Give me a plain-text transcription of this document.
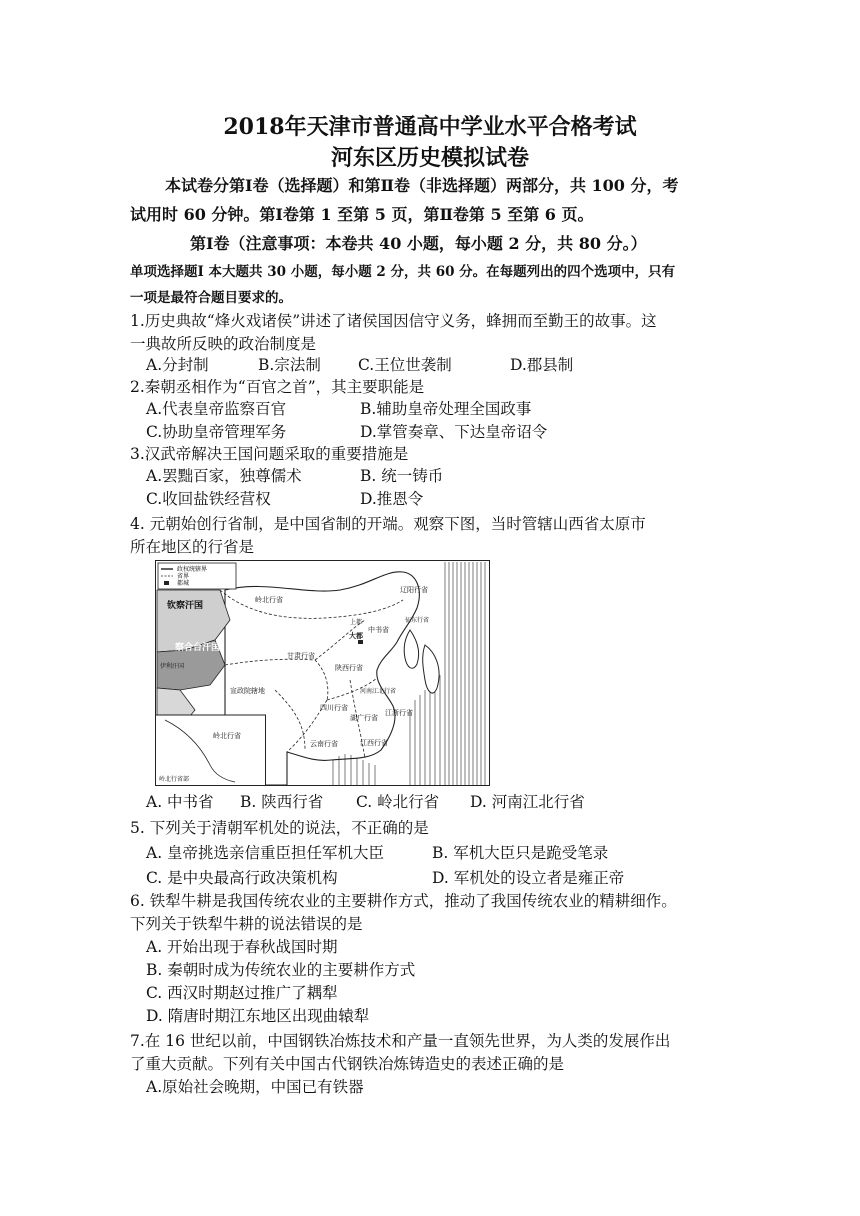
2018年天津市普通高中学业水平合格考试
河东区历史模拟试卷
本试卷分第Ⅰ卷（选择题）和第Ⅱ卷（非选择题）两部分，共 100 分，考
试用时 60 分钟。第Ⅰ卷第 1 至第 5 页，第Ⅱ卷第 5 至第 6 页。
第Ⅰ卷（注意事项：本卷共 40 小题，每小题 2 分，共 80 分。）
单项选择题Ⅰ 本大题共 30 小题，每小题 2 分，共 60 分。在每题列出的四个选项中，只有
一项是最符合题目要求的。
1.历史典故“烽火戏诸侯”讲述了诸侯国因信守义务，蜂拥而至勤王的故事。这
一典故所反映的政治制度是
A.分封制	B.宗法制 C.王位世袭制	D.郡县制
2.秦朝丞相作为“百官之首”，其主要职能是
A.代表皇帝监察百官	B.辅助皇帝处理全国政事
C.协助皇帝管理军务	D.掌管奏章、下达皇帝诏令
3.汉武帝解决王国问题采取的重要措施是
A.罢黜百家，独尊儒术	B. 统一铸币
C.收回盐铁经营权	D.推恩令
4. 元朝始创行省制，是中国省制的开端。观察下图，当时管辖山西省太原市
所在地区的行省是
政权统辖界
省界
都城
钦察汗国
察合台汗国
伊利汗国
岭北行省
辽阳行省
中书省
大都
上都
甘肃行省
陕西行省
河南江北行省
江浙行省
湖广行省
四川行省
云南行省	江西行省
宣政院辖地
征东行省
岭北行省
岭北行省部
A. 中书省 B. 陕西行省 C. 岭北行省 D. 河南江北行省
5. 下列关于清朝军机处的说法，不正确的是
A. 皇帝挑选亲信重臣担任军机大臣	B. 军机大臣只是跪受笔录
C. 是中央最高行政决策机构	D. 军机处的设立者是雍正帝
6. 铁犁牛耕是我国传统农业的主要耕作方式，推动了我国传统农业的精耕细作。
下列关于铁犁牛耕的说法错误的是
A. 开始出现于春秋战国时期
B. 秦朝时成为传统农业的主要耕作方式
C. 西汉时期赵过推广了耦犁
D. 隋唐时期江东地区出现曲辕犁
7.在 16 世纪以前，中国钢铁冶炼技术和产量一直领先世界，为人类的发展作出
了重大贡献。下列有关中国古代钢铁冶炼铸造史的表述正确的是
A.原始社会晚期，中国已有铁器
